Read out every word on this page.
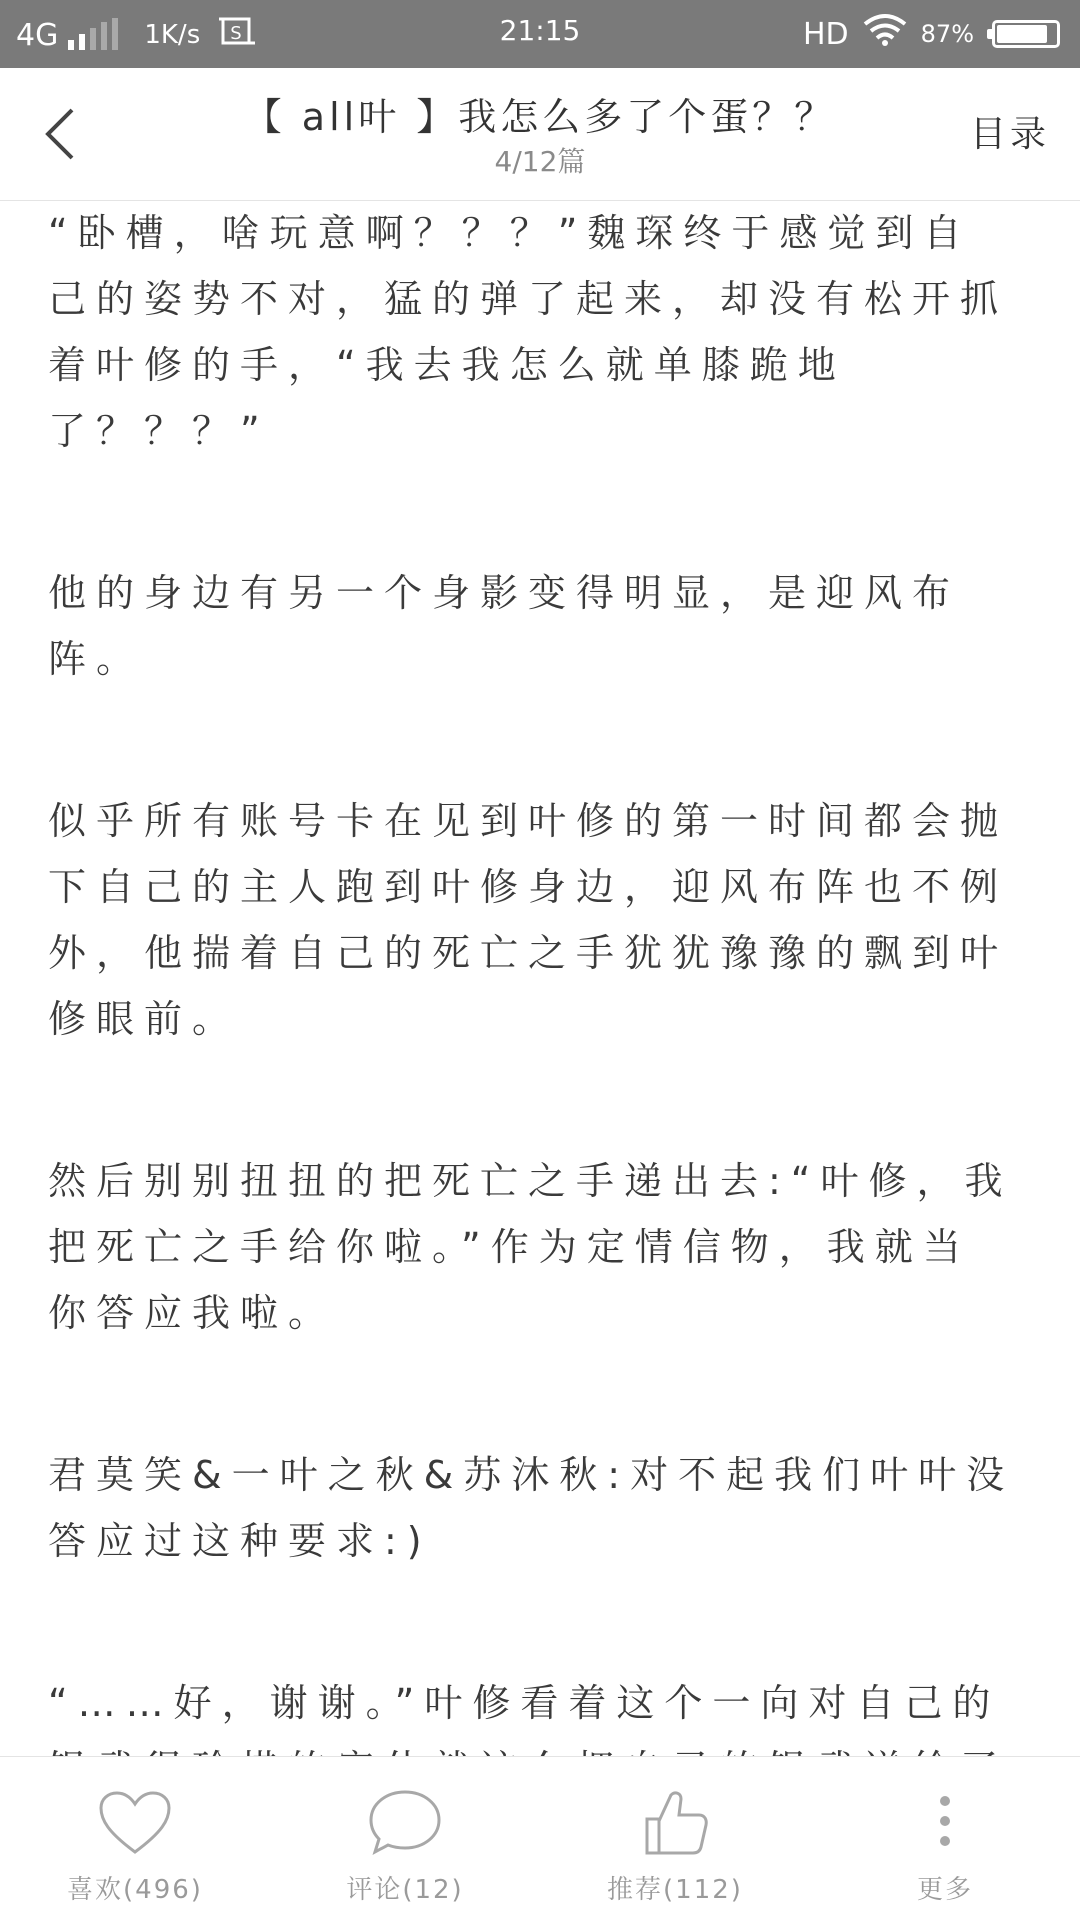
4G	1K/s S	21:15	HD	87%
【 all叶 】我怎么多了个蛋？？
4/12篇
目录

“卧槽，啥玩意啊？？？”魏琛终于感觉到自己的姿势不对，猛的弹了起来，却没有松开抓着叶修的手，“我去我怎么就单膝跪地了？？？”

他的身边有另一个身影变得明显，是迎风布阵。

似乎所有账号卡在见到叶修的第一时间都会抛下自己的主人跑到叶修身边，迎风布阵也不例外，他揣着自己的死亡之手犹犹豫豫的飘到叶修眼前。

然后别别扭扭的把死亡之手递出去:“叶修，我把死亡之手给你啦。”作为定情信物，我就当你答应我啦。

君莫笑&一叶之秋&苏沐秋:对不起我们叶叶没答应过这种要求:)

“……好，谢谢。”叶修看着这个一向对自己的

喜欢(496)	评论(12)	推荐(112)	更多
